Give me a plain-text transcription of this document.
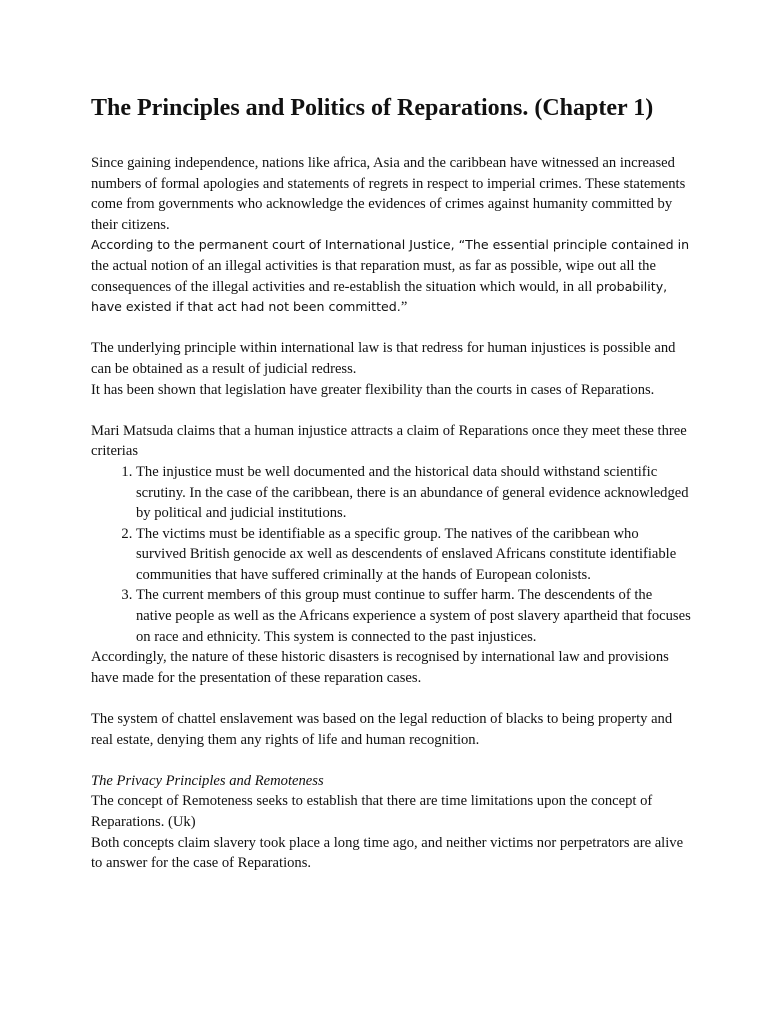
The Principles and Politics of Reparations. (Chapter 1)

Since gaining independence, nations like africa, Asia and the caribbean have witnessed an increased numbers of formal apologies and statements of regrets in respect to imperial crimes. These statements come from governments who acknowledge the evidences of crimes against humanity committed by their citizens.

According to the permanent court of International Justice, “The essential principle contained in the actual notion of an illegal activities is that reparation must, as far as possible, wipe out all the consequences of the illegal activities and re-establish the situation which would, in all probability, have existed if that act had not been committed.”

The underlying principle within international law is that redress for human injustices is possible and can be obtained as a result of judicial redress.

It has been shown that legislation have greater flexibility than the courts in cases of Reparations.

Mari Matsuda claims that a human injustice attracts a claim of Reparations once they meet these three criterias

1. The injustice must be well documented and the historical data should withstand scientific scrutiny. In the case of the caribbean, there is an abundance of general evidence acknowledged by political and judicial institutions.
2. The victims must be identifiable as a specific group. The natives of the caribbean who survived British genocide ax well as descendents of enslaved Africans constitute identifiable communities that have suffered criminally at the hands of European colonists.
3. The current members of this group must continue to suffer harm. The descendents of the native people as well as the Africans experience a system of post slavery apartheid that focuses on race and ethnicity. This system is connected to the past injustices.

Accordingly, the nature of these historic disasters is recognised by international law and provisions have made for the presentation of these reparation cases.

The system of chattel enslavement was based on the legal reduction of blacks to being property and real estate, denying them any rights of life and human recognition.

The Privacy Principles and Remoteness

The concept of Remoteness seeks to establish that there are time limitations upon the concept of Reparations. (Uk)

Both concepts claim slavery took place a long time ago, and neither victims nor perpetrators are alive to answer for the case of Reparations.
